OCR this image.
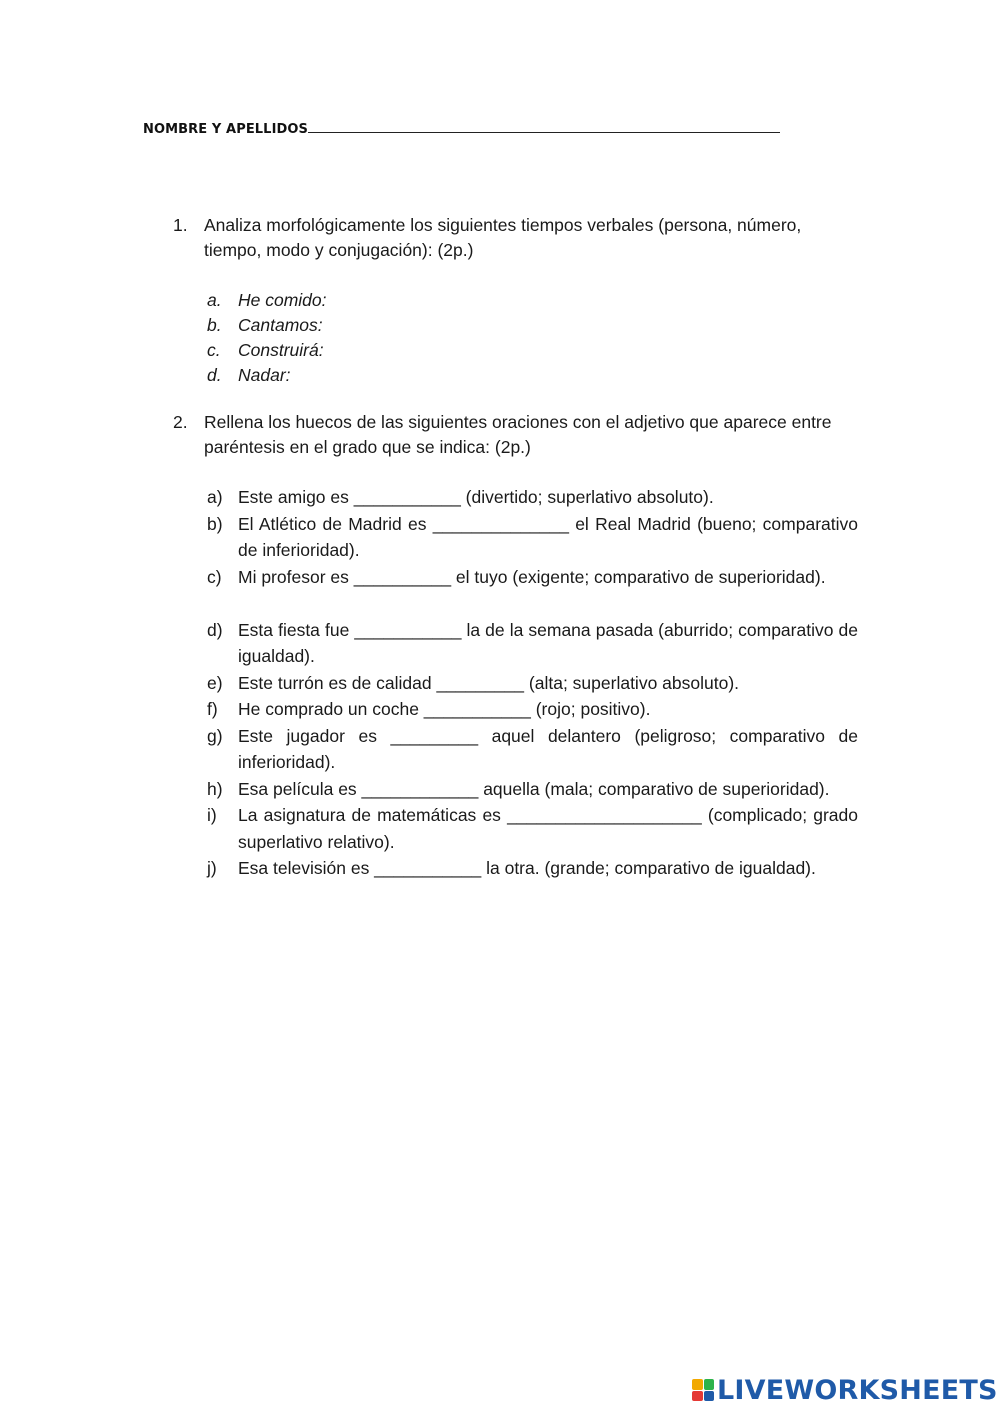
NOMBRE Y APELLIDOS
1. Analiza morfológicamente los siguientes tiempos verbales (persona, número, tiempo, modo y conjugación): (2p.)
a. He comido:
b. Cantamos:
c. Construirá:
d. Nadar:
2. Rellena los huecos de las siguientes oraciones con el adjetivo que aparece entre paréntesis en el grado que se indica: (2p.)
a) Este amigo es ___________ (divertido; superlativo absoluto).
b) El Atlético de Madrid es ______________ el Real Madrid (bueno; comparativo de inferioridad).
c) Mi profesor es __________ el tuyo (exigente; comparativo de superioridad).
d) Esta fiesta fue ___________ la de la semana pasada (aburrido; comparativo de igualdad).
e) Este turrón es de calidad _________ (alta; superlativo absoluto).
f) He comprado un coche ___________ (rojo; positivo).
g) Este jugador es _________ aquel delantero (peligroso; comparativo de inferioridad).
h) Esa película es ____________ aquella (mala; comparativo de superioridad).
i) La asignatura de matemáticas es ____________________ (complicado; grado superlativo relativo).
j) Esa televisión es ___________ la otra. (grande; comparativo de igualdad).
LIVEWORKSHEETS
